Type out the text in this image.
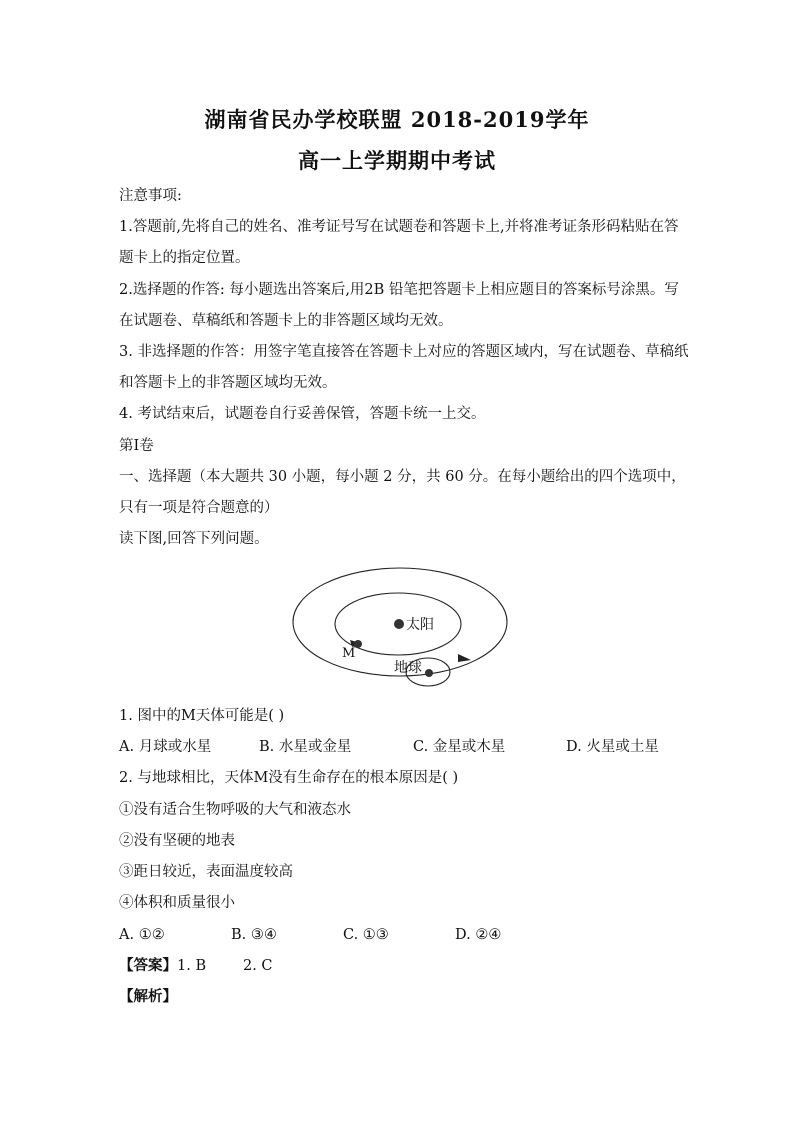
湖南省民办学校联盟 2018-2019学年
高一上学期期中考试
注意事项:
1.答题前,先将自己的姓名、准考证号写在试题卷和答题卡上,并将准考证条形码粘贴在答
题卡上的指定位置。
2.选择题的作答: 每小题选出答案后,用2B 铅笔把答题卡上相应题目的答案标号涂黑。写
在试题卷、草稿纸和答题卡上的非答题区域均无效。
3. 非选择题的作答：用签字笔直接答在答题卡上对应的答题区域内，写在试题卷、草稿纸
和答题卡上的非答题区域均无效。
4. 考试结束后，试题卷自行妥善保管，答题卡统一上交。
第Ⅰ卷
一、选择题（本大题共 30 小题，每小题 2 分，共 60 分。在每小题给出的四个选项中，
只有一项是符合题意的）
读下图,回答下列问题。
太阳
M
地球
1. 图中的M天体可能是( )
A. 月球或水星	B. 水星或金星	C. 金星或木星	D. 火星或土星
2. 与地球相比，天体M没有生命存在的根本原因是( )
①没有适合生物呼吸的大气和液态水
②没有坚硬的地表
③距日较近，表面温度较高
④体积和质量很小
A. ①②	B. ③④	C. ①③	D. ②④
【答案】1. B        2. C
【解析】
